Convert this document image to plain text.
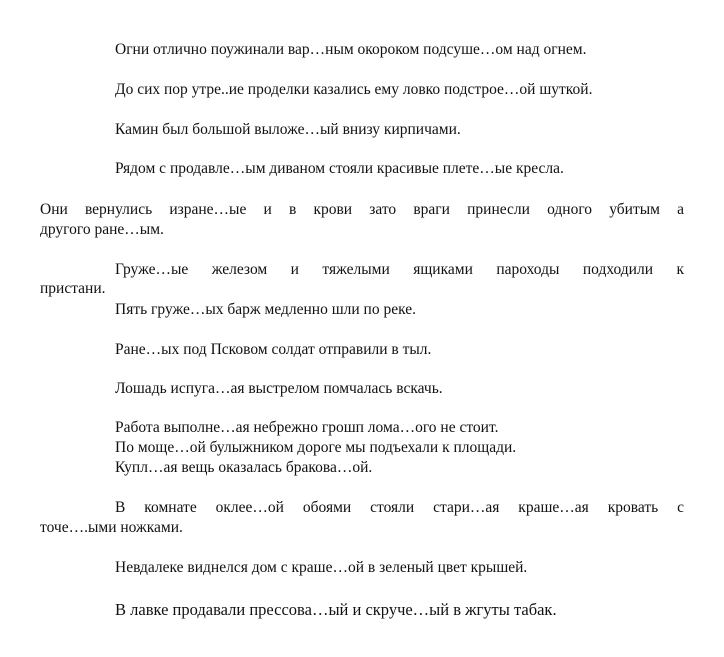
Огни отлично поужинали вар…ным окороком подсуше…ом над огнем.

До сих пор утре..ие проделки казались ему ловко подстрое…ой шуткой.

Камин был большой выложе…ый внизу кирпичами.

Рядом с продавле…ым диваном стояли красивые плете…ые кресла.

Они вернулись изране…ые и в крови зато враги принесли одного убитым а

другого ране…ым.

Груже…ые железом и тяжелыми ящиками пароходы подходили к

пристани.

Пять груже…ых барж медленно шли по реке.

Ране…ых под Псковом солдат отправили в тыл.

Лошадь испуга…ая выстрелом помчалась вскачь.

Работа выполне…ая небрежно грошп лома…ого не стоит.

По моще…ой булыжником дороге мы подъехали к площади.

Купл…ая вещь оказалась бракова…ой.

В комнате оклее…ой обоями стояли стари…ая краше…ая кровать с

точе….ыми ножками.

Невдалеке виднелся дом с краше…ой в зеленый цвет крышей.

В лавке продавали прессова…ый и скруче…ый в жгуты табак.
